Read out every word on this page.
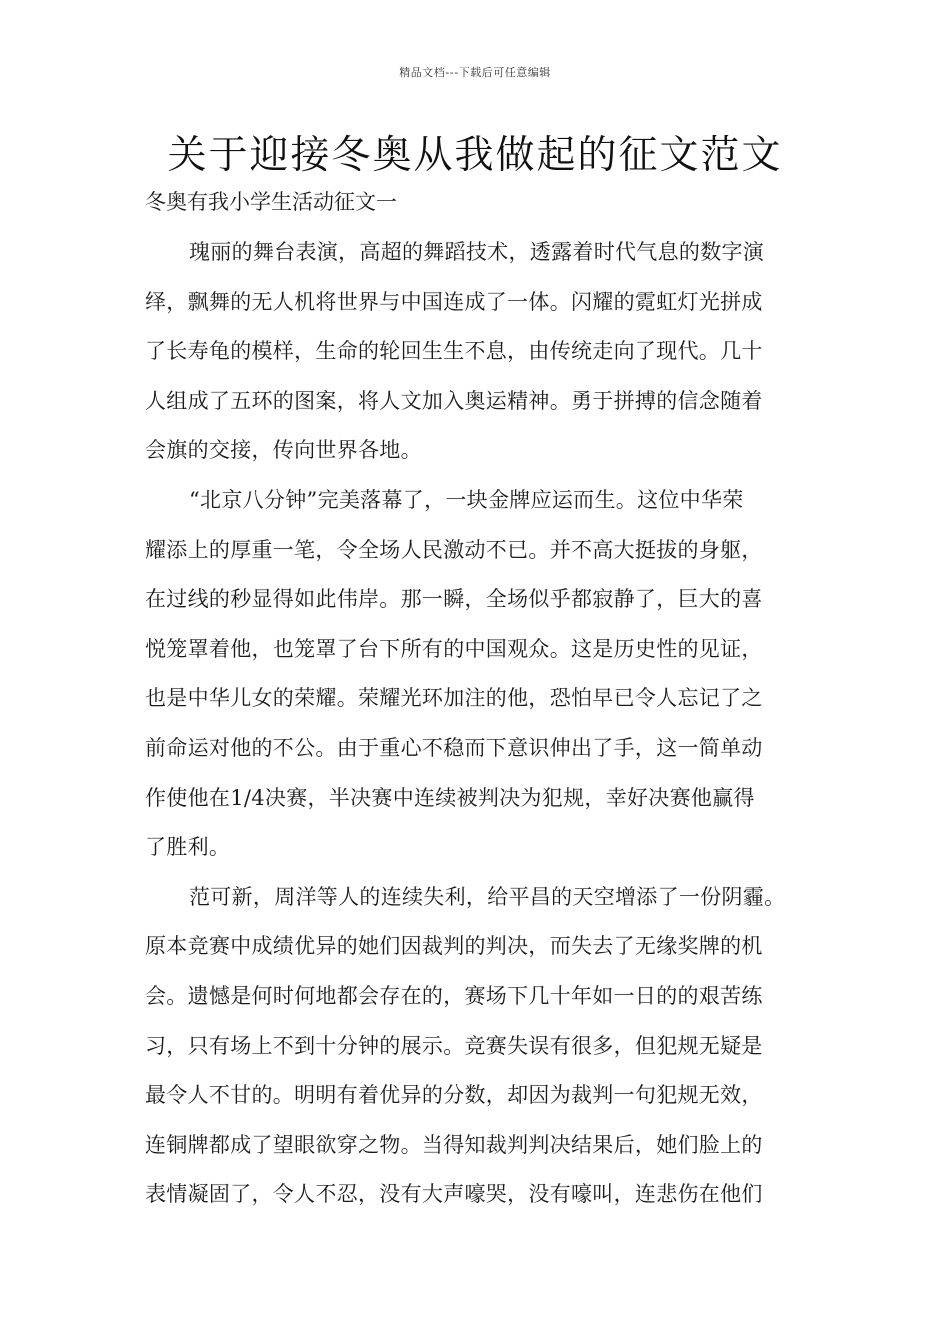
精品文档---下载后可任意编辑
关于迎接冬奥从我做起的征文范文
冬奥有我小学生活动征文一
瑰丽的舞台表演，高超的舞蹈技术，透露着时代气息的数字演
绎，飘舞的无人机将世界与中国连成了一体。闪耀的霓虹灯光拼成
了长寿龟的模样，生命的轮回生生不息，由传统走向了现代。几十
人组成了五环的图案，将人文加入奥运精神。勇于拼搏的信念随着
会旗的交接，传向世界各地。
“北京八分钟”完美落幕了，一块金牌应运而生。这位中华荣
耀添上的厚重一笔，令全场人民激动不已。并不高大挺拔的身躯，
在过线的秒显得如此伟岸。那一瞬，全场似乎都寂静了，巨大的喜
悦笼罩着他，也笼罩了台下所有的中国观众。这是历史性的见证，
也是中华儿女的荣耀。荣耀光环加注的他，恐怕早已令人忘记了之
前命运对他的不公。由于重心不稳而下意识伸出了手，这一简单动
作使他在1/4决赛，半决赛中连续被判决为犯规，幸好决赛他赢得
了胜利。
范可新，周洋等人的连续失利，给平昌的天空增添了一份阴霾。
原本竞赛中成绩优异的她们因裁判的判决，而失去了无缘奖牌的机
会。遗憾是何时何地都会存在的，赛场下几十年如一日的的艰苦练
习，只有场上不到十分钟的展示。竞赛失误有很多，但犯规无疑是
最令人不甘的。明明有着优异的分数，却因为裁判一句犯规无效，
连铜牌都成了望眼欲穿之物。当得知裁判判决结果后，她们脸上的
表情凝固了，令人不忍，没有大声嚎哭，没有嚎叫，连悲伤在他们
